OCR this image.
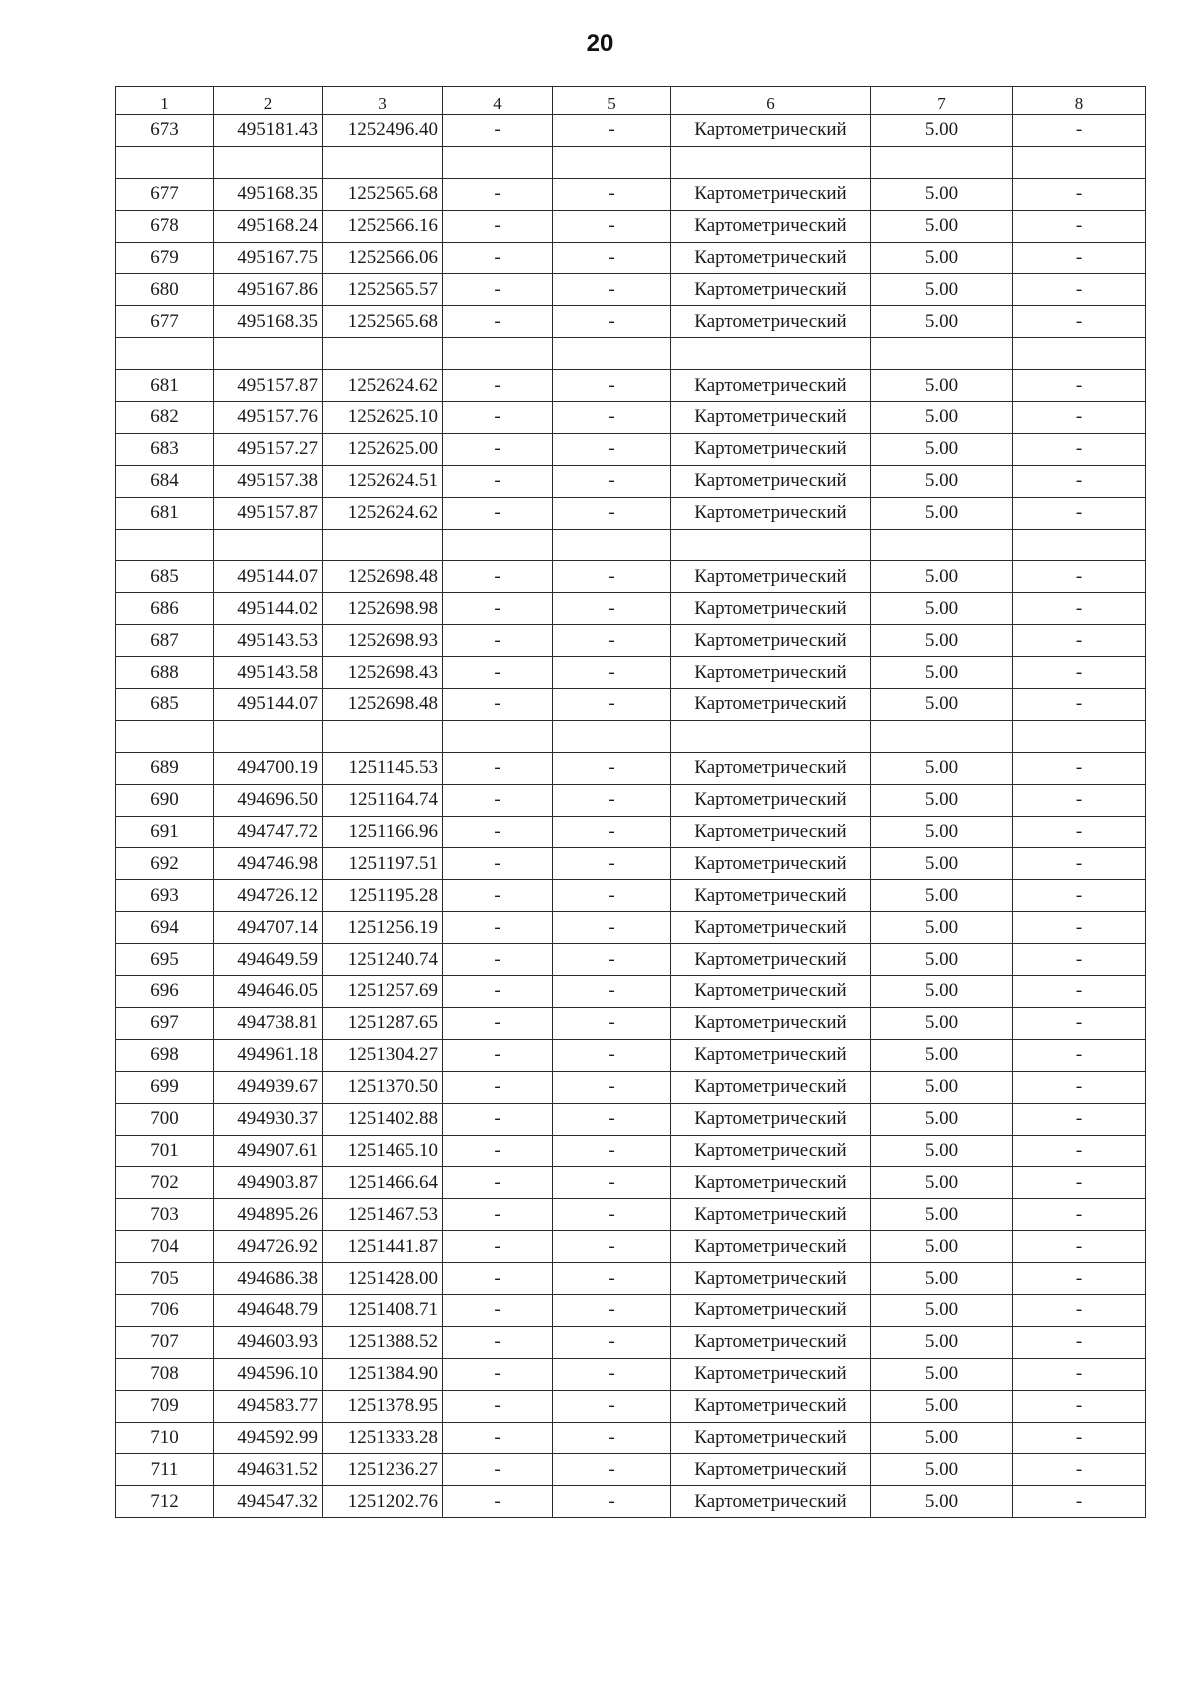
20
1	2	3	4	5	6	7	8
673	495181.43	1252496.40	-	-	Картометрический	5.00	-

677	495168.35	1252565.68	-	-	Картометрический	5.00	-
678	495168.24	1252566.16	-	-	Картометрический	5.00	-
679	495167.75	1252566.06	-	-	Картометрический	5.00	-
680	495167.86	1252565.57	-	-	Картометрический	5.00	-
677	495168.35	1252565.68	-	-	Картометрический	5.00	-

681	495157.87	1252624.62	-	-	Картометрический	5.00	-
682	495157.76	1252625.10	-	-	Картометрический	5.00	-
683	495157.27	1252625.00	-	-	Картометрический	5.00	-
684	495157.38	1252624.51	-	-	Картометрический	5.00	-
681	495157.87	1252624.62	-	-	Картометрический	5.00	-

685	495144.07	1252698.48	-	-	Картометрический	5.00	-
686	495144.02	1252698.98	-	-	Картометрический	5.00	-
687	495143.53	1252698.93	-	-	Картометрический	5.00	-
688	495143.58	1252698.43	-	-	Картометрический	5.00	-
685	495144.07	1252698.48	-	-	Картометрический	5.00	-

689	494700.19	1251145.53	-	-	Картометрический	5.00	-
690	494696.50	1251164.74	-	-	Картометрический	5.00	-
691	494747.72	1251166.96	-	-	Картометрический	5.00	-
692	494746.98	1251197.51	-	-	Картометрический	5.00	-
693	494726.12	1251195.28	-	-	Картометрический	5.00	-
694	494707.14	1251256.19	-	-	Картометрический	5.00	-
695	494649.59	1251240.74	-	-	Картометрический	5.00	-
696	494646.05	1251257.69	-	-	Картометрический	5.00	-
697	494738.81	1251287.65	-	-	Картометрический	5.00	-
698	494961.18	1251304.27	-	-	Картометрический	5.00	-
699	494939.67	1251370.50	-	-	Картометрический	5.00	-
700	494930.37	1251402.88	-	-	Картометрический	5.00	-
701	494907.61	1251465.10	-	-	Картометрический	5.00	-
702	494903.87	1251466.64	-	-	Картометрический	5.00	-
703	494895.26	1251467.53	-	-	Картометрический	5.00	-
704	494726.92	1251441.87	-	-	Картометрический	5.00	-
705	494686.38	1251428.00	-	-	Картометрический	5.00	-
706	494648.79	1251408.71	-	-	Картометрический	5.00	-
707	494603.93	1251388.52	-	-	Картометрический	5.00	-
708	494596.10	1251384.90	-	-	Картометрический	5.00	-
709	494583.77	1251378.95	-	-	Картометрический	5.00	-
710	494592.99	1251333.28	-	-	Картометрический	5.00	-
711	494631.52	1251236.27	-	-	Картометрический	5.00	-
712	494547.32	1251202.76	-	-	Картометрический	5.00	-
